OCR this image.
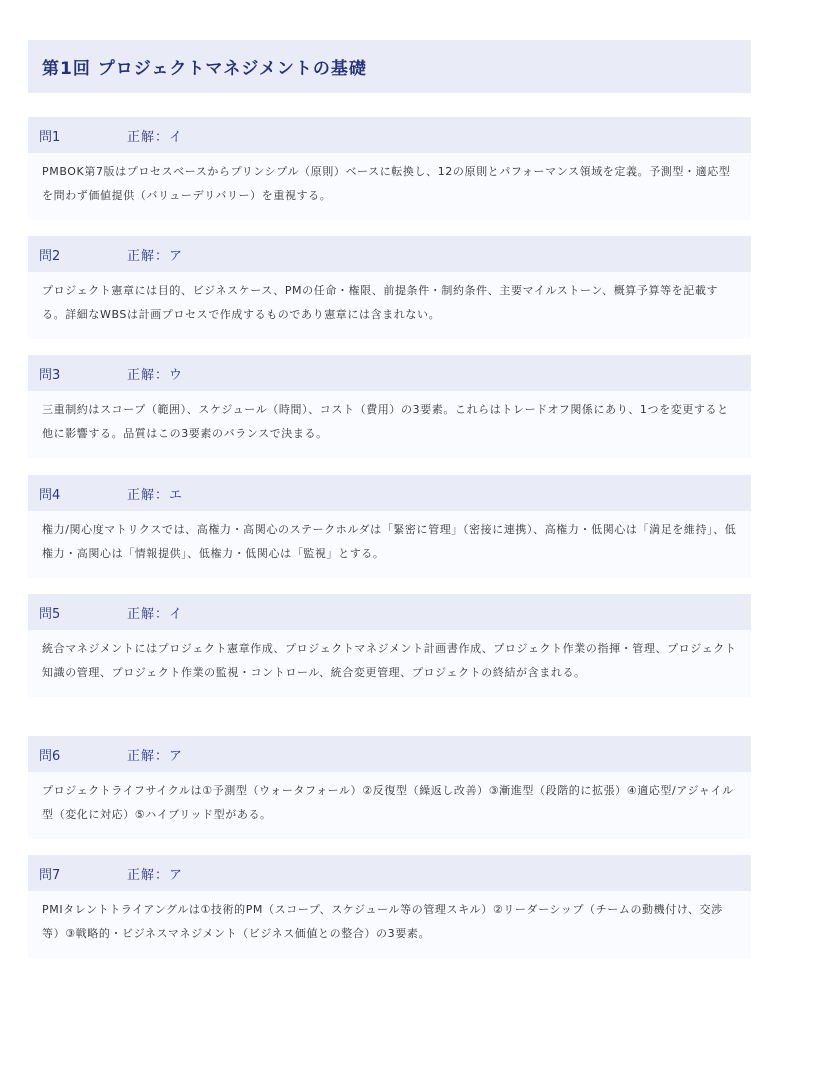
第1回 プロジェクトマネジメントの基礎
問1	正解：イ
PMBOK第7版はプロセスベースからプリンシプル（原則）ベースに転換し、12の原則とパフォーマンス領域を定義。予測型・適応型を問わず価値提供（バリューデリバリー）を重視する。
問2	正解：ア
プロジェクト憲章には目的、ビジネスケース、PMの任命・権限、前提条件・制約条件、主要マイルストーン、概算予算等を記載する。詳細なWBSは計画プロセスで作成するものであり憲章には含まれない。
問3	正解：ウ
三重制約はスコープ（範囲）、スケジュール（時間）、コスト（費用）の3要素。これらはトレードオフ関係にあり、1つを変更すると他に影響する。品質はこの3要素のバランスで決まる。
問4	正解：エ
権力/関心度マトリクスでは、高権力・高関心のステークホルダは「緊密に管理」（密接に連携）、高権力・低関心は「満足を維持」、低権力・高関心は「情報提供」、低権力・低関心は「監視」とする。
問5	正解：イ
統合マネジメントにはプロジェクト憲章作成、プロジェクトマネジメント計画書作成、プロジェクト作業の指揮・管理、プロジェクト知識の管理、プロジェクト作業の監視・コントロール、統合変更管理、プロジェクトの終結が含まれる。
問6	正解：ア
プロジェクトライフサイクルは①予測型（ウォータフォール）②反復型（繰返し改善）③漸進型（段階的に拡張）④適応型/アジャイル型（変化に対応）⑤ハイブリッド型がある。
問7	正解：ア
PMIタレントトライアングルは①技術的PM（スコープ、スケジュール等の管理スキル）②リーダーシップ（チームの動機付け、交渉等）③戦略的・ビジネスマネジメント（ビジネス価値との整合）の3要素。
